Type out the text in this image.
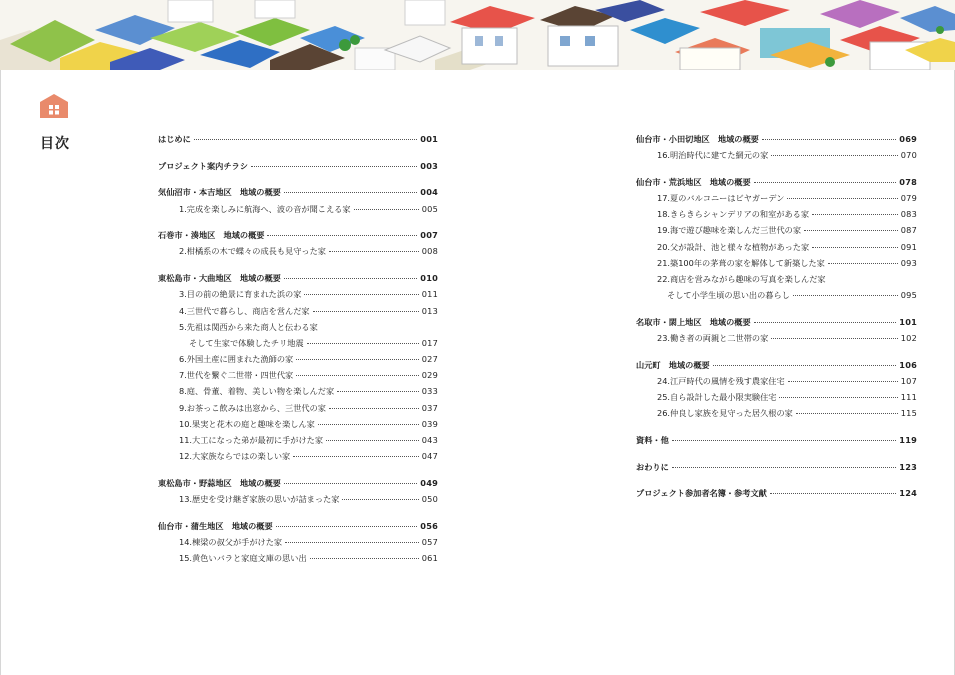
目次	はじめに	001
プロジェクト案内チラシ	003
気仙沼市・本吉地区　地域の概要	004
1.完成を楽しみに航海へ、波の音が聞こえる家	005
石巻市・湊地区　地域の概要	007
2.柑橘系の木で蝶々の成長も見守った家	008
東松島市・大曲地区　地域の概要	010
3.目の前の絶景に育まれた浜の家	011
4.三世代で暮らし、商店を営んだ家	013
5.先祖は関西から来た商人と伝わる家
そして生家で体験したチリ地震	017
6.外国土産に囲まれた漁師の家	027
7.世代を繋ぐ二世帯・四世代家	029
8.庭、骨董、着物、美しい物を楽しんだ家	033
9.お茶っこ飲みは出窓から、三世代の家	037
10.果実と花木の庭と趣味を楽しん家	039
11.大工になった弟が最初に手がけた家	043
12.大家族ならではの楽しい家	047
東松島市・野蒜地区　地域の概要	049
13.歴史を受け継ぎ家族の思いが詰まった家	050
仙台市・蒲生地区　地域の概要	056
14.棟梁の叔父が手がけた家	057
15.黄色いバラと家庭文庫の思い出	061
仙台市・小田切地区　地域の概要	069
16.明治時代に建てた網元の家	070
仙台市・荒浜地区　地域の概要	078
17.夏のバルコニーはビヤガーデン	079
18.きらきらシャンデリアの和室がある家	083
19.海で遊び趣味を楽しんだ三世代の家	087
20.父が設計、池と様々な植物があった家	091
21.築100年の茅葺の家を解体して新築した家	093
22.商店を営みながら趣味の写真を楽しんだ家
そして小学生頃の思い出の暮らし	095
名取市・閖上地区　地域の概要	101
23.働き者の両親と二世帯の家	102
山元町　地域の概要	106
24.江戸時代の風情を残す農家住宅	107
25.自ら設計した最小限実験住宅	111
26.仲良し家族を見守った居久根の家	115
資料・他	119
おわりに	123
プロジェクト参加者名簿・参考文献	124
